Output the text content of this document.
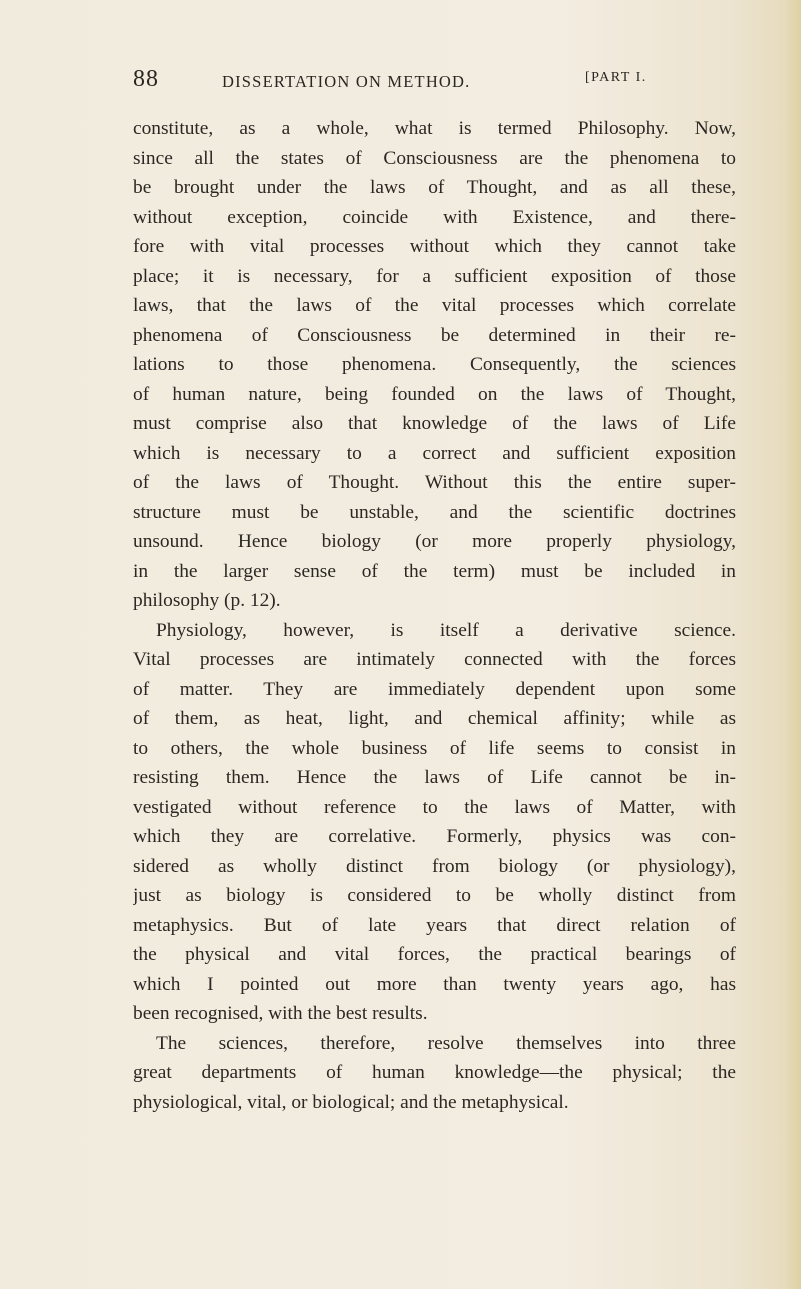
88	DISSERTATION ON METHOD.	[PART I.
constitute, as a whole, what is termed Philosophy. Now,
since all the states of Consciousness are the phenomena to
be brought under the laws of Thought, and as all these,
without exception, coincide with Existence, and there-
fore with vital processes without which they cannot take
place; it is necessary, for a sufficient exposition of those
laws, that the laws of the vital processes which correlate
phenomena of Consciousness be determined in their re-
lations to those phenomena. Consequently, the sciences
of human nature, being founded on the laws of Thought,
must comprise also that knowledge of the laws of Life
which is necessary to a correct and sufficient exposition
of the laws of Thought. Without this the entire super-
structure must be unstable, and the scientific doctrines
unsound. Hence biology (or more properly physiology,
in the larger sense of the term) must be included in
philosophy (p. 12).
Physiology, however, is itself a derivative science.
Vital processes are intimately connected with the forces
of matter. They are immediately dependent upon some
of them, as heat, light, and chemical affinity; while as
to others, the whole business of life seems to consist in
resisting them. Hence the laws of Life cannot be in-
vestigated without reference to the laws of Matter, with
which they are correlative. Formerly, physics was con-
sidered as wholly distinct from biology (or physiology),
just as biology is considered to be wholly distinct from
metaphysics. But of late years that direct relation of
the physical and vital forces, the practical bearings of
which I pointed out more than twenty years ago, has
been recognised, with the best results.
The sciences, therefore, resolve themselves into three
great departments of human knowledge—the physical; the
physiological, vital, or biological; and the metaphysical.
